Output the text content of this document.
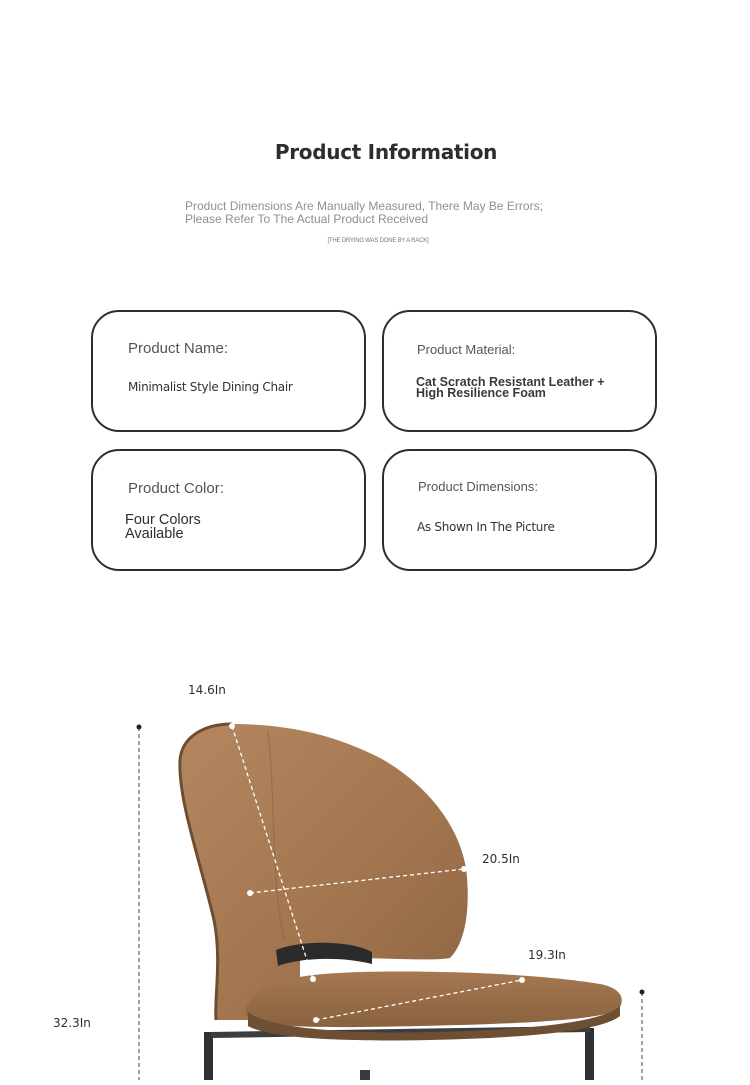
Product Information
Product Dimensions Are Manually Measured, There May Be Errors;
Please Refer To The Actual Product Received
[THE DRYING WAS DONE BY A RACK]
Product Name:
Minimalist Style Dining Chair
Product Material:
Cat Scratch Resistant Leather +
High Resilience Foam
Product Color:
Four Colors
Available
Product Dimensions:
As Shown In The Picture
14.6In
20.5In
19.3In
32.3In
